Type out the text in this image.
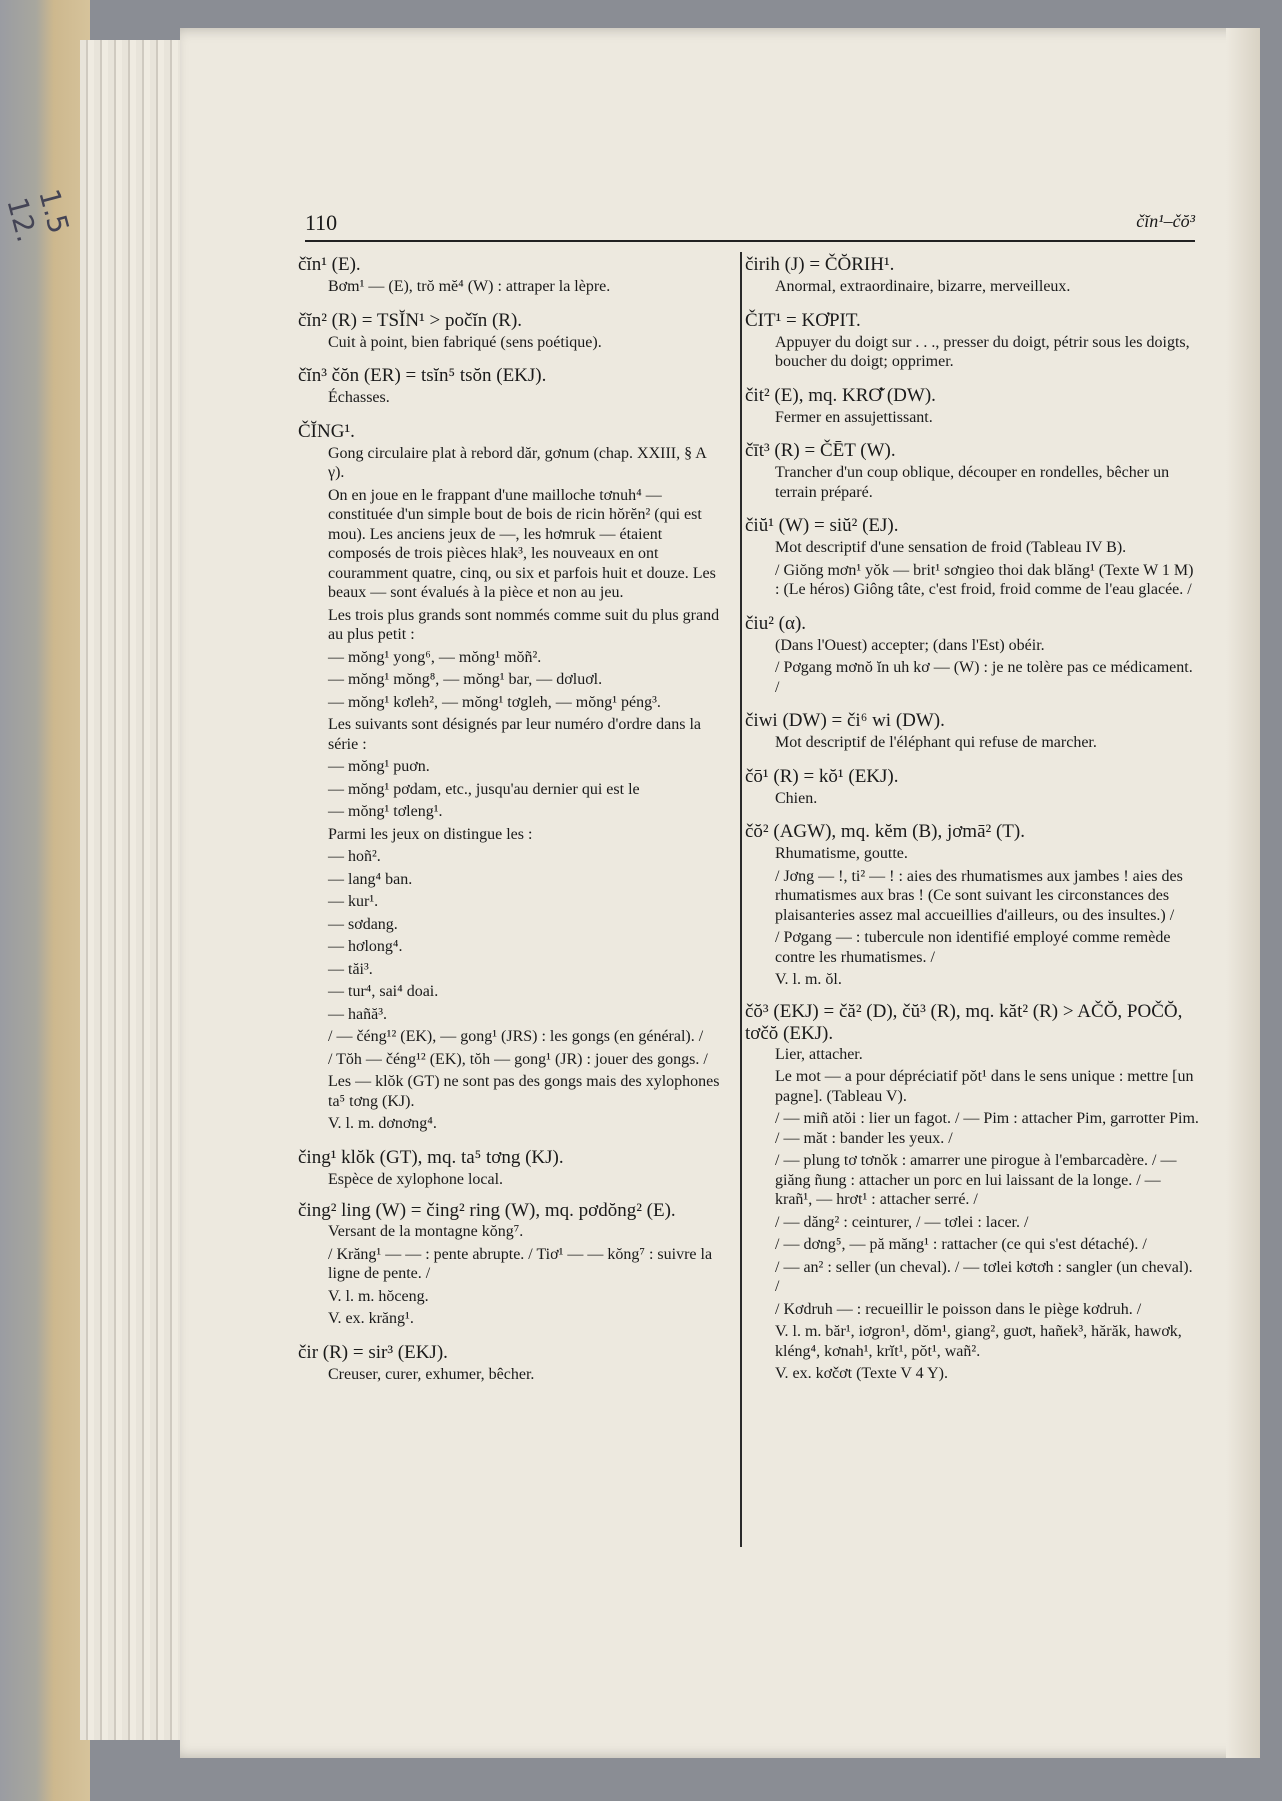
1.5 12.	110	čĭn¹–čŏ³
čĭn¹ (E).

Bơm¹ — (E), trŏ mĕ⁴ (W) : attraper la lèpre.

čĭn² (R) = TSĬN¹ > počĭn (R).

Cuit à point, bien fabriqué (sens poétique).

čĭn³ čŏn (ER) = tsĭn⁵ tsŏn (EKJ).

Échasses.

ČĬNG¹.

Gong circulaire plat à rebord dăr, gơnum (chap. XXIII, § A γ).

On en joue en le frappant d'une mailloche tơnuh⁴ — constituée d'un simple bout de bois de ricin hŏrĕn² (qui est mou). Les anciens jeux de —, les hơmruk — étaient composés de trois pièces hlak³, les nouveaux en ont couramment quatre, cinq, ou six et parfois huit et douze. Les beaux — sont évalués à la pièce et non au jeu.

Les trois plus grands sont nommés comme suit du plus grand au plus petit :

— mŏng¹ yong⁶, — mŏng¹ mŏñ².

— mŏng¹ mŏng⁸, — mŏng¹ bar, — dơluơl.

— mŏng¹ kơleh², — mŏng¹ tơgleh, — mŏng¹ péng³.

Les suivants sont désignés par leur numéro d'ordre dans la série :

— mŏng¹ puơn.

— mŏng¹ pơdam, etc., jusqu'au dernier qui est le

— mŏng¹ tơleng¹.

Parmi les jeux on distingue les :

— hoñ².

— lang⁴ ban.

— kur¹.

— sơdang.

— hơlong⁴.

— tăi³.

— tur⁴, sai⁴ doai.

— hañă³.

/ — čéng¹² (EK), — gong¹ (JRS) : les gongs (en général). /

/ Tŏh — čéng¹² (EK), tŏh — gong¹ (JR) : jouer des gongs. /

Les — klŏk (GT) ne sont pas des gongs mais des xylophones ta⁵ tơng (KJ).

V. l. m. dơnơng⁴.

čing¹ klŏk (GT), mq. ta⁵ tơng (KJ).

Espèce de xylophone local.

čing² ling (W) = čing² ring (W), mq. pơdŏng² (E).

Versant de la montagne kŏng⁷.

/ Krăng¹ — — : pente abrupte. / Tiơ¹ — — kŏng⁷ : suivre la ligne de pente. /

V. l. m. hŏceng.

V. ex. krăng¹.

čir (R) = sir³ (EKJ).

Creuser, curer, exhumer, bêcher.

čirih (J) = ČŎRIH¹.

Anormal, extraordinaire, bizarre, merveilleux.

ČIT¹ = KƠPIT.

Appuyer du doigt sur . . ., presser du doigt, pétrir sous les doigts, boucher du doigt; opprimer.

čit² (E), mq. KRƠ̆ (DW).

Fermer en assujettissant.

čīt³ (R) = ČĒT (W).

Trancher d'un coup oblique, découper en rondelles, bêcher un terrain préparé.

čiŭ¹ (W) = siŭ² (EJ).

Mot descriptif d'une sensation de froid (Tableau IV B).

/ Giŏng mơn¹ yŏk — brit¹ sơngieo thoi dak blăng¹ (Texte W 1 M) : (Le héros) Giông tâte, c'est froid, froid comme de l'eau glacée. /

čiu² (α).

(Dans l'Ouest) accepter; (dans l'Est) obéir.

/ Pơgang mơnŏ ĭn uh kơ — (W) : je ne tolère pas ce médicament. /

čiwi (DW) = či⁶ wi (DW).

Mot descriptif de l'éléphant qui refuse de marcher.

čō¹ (R) = kŏ¹ (EKJ).

Chien.

čŏ² (AGW), mq. kĕm (B), jơmā² (T).

Rhumatisme, goutte.

/ Jơng — !, ti² — ! : aies des rhumatismes aux jambes ! aies des rhumatismes aux bras ! (Ce sont suivant les circonstances des plaisanteries assez mal accueillies d'ailleurs, ou des insultes.) /

/ Pơgang — : tubercule non identifié employé comme remède contre les rhumatismes. /

V. l. m. ŏl.

čŏ³ (EKJ) = čă² (D), čŭ³ (R), mq. kăt² (R) > AČŎ, POČŎ, tơčŏ (EKJ).

Lier, attacher.

Le mot — a pour dépréciatif pŏt¹ dans le sens unique : mettre [un pagne]. (Tableau V).

/ — miñ atŏi : lier un fagot. / — Pim : attacher Pim, garrotter Pim. / — măt : bander les yeux. /

/ — plung tơ tơnŏk : amarrer une pirogue à l'embarcadère. / — giăng ñung : attacher un porc en lui laissant de la longe. / — krañ¹, — hrơt¹ : attacher serré. /

/ — dăng² : ceinturer, / — tơlei : lacer. /

/ — dơng⁵, — pă măng¹ : rattacher (ce qui s'est détaché). /

/ — an² : seller (un cheval). / — tơlei kơtơh : sangler (un cheval). /

/ Kơdruh — : recueillir le poisson dans le piège kơdruh. /

V. l. m. băr¹, iơgron¹, dŏm¹, giang², guơt, hañek³, hărăk, hawơk, kléng⁴, kơnah¹, krĭt¹, pŏt¹, wañ².

V. ex. kơčơt (Texte V 4 Y).
